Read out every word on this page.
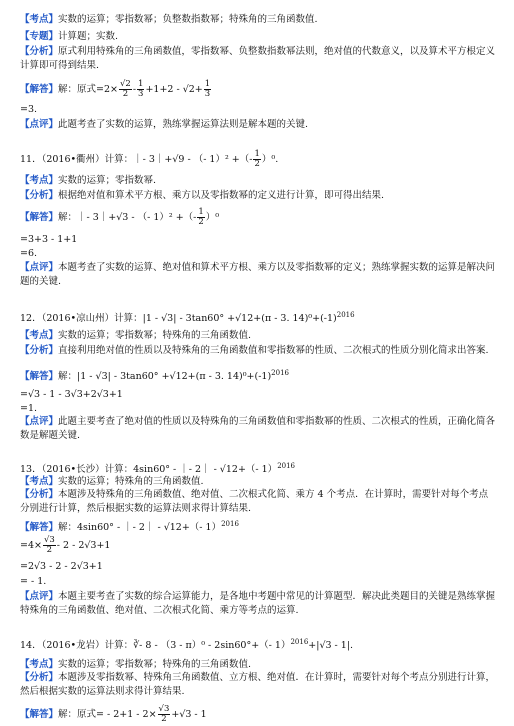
【考点】实数的运算；零指数幂；负整数指数幂；特殊角的三角函数值.
【专题】计算题；实数.
【分析】原式利用特殊角的三角函数值，零指数幂、负整数指数幂法则，绝对值的代数意义，以及算术平方根定义计算即可得到结果.
【解答】解：原式$=2\times \frac{√2}{2} - \frac{1}{3} +1+2 - √2+ \frac{1}{3}$
=3.
【点评】此题考查了实数的运算，熟练掌握运算法则是解本题的关键.
11．（2016•衢州）计算：｜- 3｜+√9 - （- 1）² +（- $\frac{1}{2} )^0$.
【考点】实数的运算；零指数幂.
【分析】根据绝对值和算术平方根、乘方以及零指数幂的定义进行计算，即可得出结果.
【解答】解：｜- 3｜+√3 - （- 1）² +（- $\frac{1}{2} )^0$
=3+3 - 1+1
=6.
【点评】本题考查了实数的运算、绝对值和算术平方根、乘方以及零指数幂的定义；熟练掌握实数的运算是解决问题的关键.
12．（2016•凉山州）计算：|1 - √3| - 3tan60° +√12+(π - 3. $14)^0+(-1)^{2016}$
【考点】实数的运算；零指数幂；特殊角的三角函数值.
【分析】直接利用绝对值的性质以及特殊角的三角函数值和零指数幂的性质、二次根式的性质分别化简求出答案.
【解答】解：|1 - √3| - 3tan60° +√12+(π - 3. $14)^0+(-1)^{2016}$
=√3 - 1 - 3√3+2√3+1
=1.
【点评】此题主要考查了绝对值的性质以及特殊角的三角函数值和零指数幂的性质、二次根式的性质，正确化简各数是解题关键.
13．（2016•长沙）计算：4sin60° - ｜- 2｜ - √12+（- 1）$^{2016}$
【考点】实数的运算；特殊角的三角函数值.
【分析】本题涉及特殊角的三角函数值、绝对值、二次根式化简、乘方 4 个考点．在计算时，需要针对每个考点分别进行计算，然后根据实数的运算法则求得计算结果.
【解答】解：4sin60° - ｜- 2｜ - √12+（- 1）$^{2016}$
$=4\times \frac{√3}{2} - 2 - 2√3+1$
=2√3 - 2 - 2√3+1
= - 1.
【点评】本题主要考查了实数的综合运算能力，是各地中考题中常见的计算题型．解决此类题目的关键是熟练掌握特殊角的三角函数值、绝对值、二次根式化简、乘方等考点的运算.
14．（2016•龙岩）计算：∛- 8 - （3 - π）⁰ - 2sin60°+（- 1）$^{2016}$+|√3 - 1|.
【考点】实数的运算；零指数幂；特殊角的三角函数值.
【分析】本题涉及零指数幂、特殊角三角函数值、立方根、绝对值．在计算时，需要针对每个考点分别进行计算，然后根据实数的运算法则求得计算结果.
【解答】解：原式= - $2+1 - 2\times \frac{√3}{2} +√3 - 1$
